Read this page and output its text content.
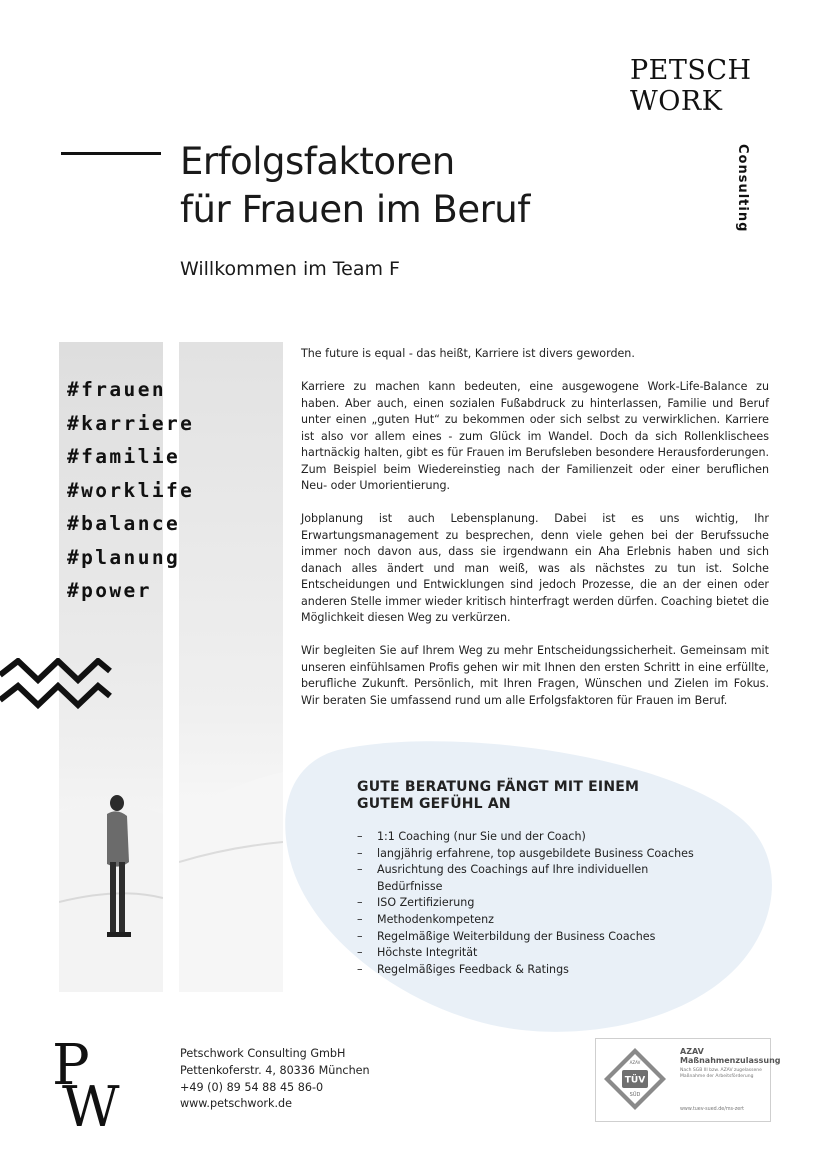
PETSCH
WORK
Consulting
Erfolgsfaktoren
für Frauen im Beruf
Willkommen im Team F
#frauen
#karriere
#familie
#worklife
#balance
#planung
#power

The future is equal - das heißt, Karriere ist divers geworden.

Karriere zu machen kann bedeuten, eine ausgewogene Work-Life-Balance zu haben. Aber auch, einen sozialen Fußabdruck zu hinterlassen, Familie und Beruf unter einen „guten Hut“ zu bekommen oder sich selbst zu verwirklichen. Karriere ist also vor allem eines - zum Glück im Wandel. Doch da sich Rollenklischees hartnäckig halten, gibt es für Frauen im Berufsleben besondere Herausforderungen. Zum Beispiel beim Wiedereinstieg nach der Familienzeit oder einer beruflichen Neu- oder Umorientierung.

Jobplanung ist auch Lebensplanung. Dabei ist es uns wichtig, Ihr Erwartungsmanagement zu besprechen, denn viele gehen bei der Berufssuche immer noch davon aus, dass sie irgendwann ein Aha Erlebnis haben und sich danach alles ändert und man weiß, was als nächstes zu tun ist. Solche Entscheidungen und Entwicklungen sind jedoch Prozesse, die an der einen oder anderen Stelle immer wieder kritisch hinterfragt werden dürfen. Coaching bietet die Möglichkeit diesen Weg zu verkürzen.

Wir begleiten Sie auf Ihrem Weg zu mehr Entscheidungssicherheit. Gemeinsam mit unseren einfühlsamen Profis gehen wir mit Ihnen den ersten Schritt in eine erfüllte, berufliche Zukunft. Persönlich, mit Ihren Fragen, Wünschen und Zielen im Fokus. Wir beraten Sie umfassend rund um alle Erfolgsfaktoren für Frauen im Beruf.

GUTE BERATUNG FÄNGT MIT EINEM
GUTEM GEFÜHL AN
– 1:1 Coaching (nur Sie und der Coach)
– langjährig erfahrene, top ausgebildete Business Coaches
– Ausrichtung des Coachings auf Ihre individuellen Bedürfnisse
– ISO Zertifizierung
– Methodenkompetenz
– Regelmäßige Weiterbildung der Business Coaches
– Höchste Integrität
– Regelmäßiges Feedback & Ratings
P
W
Petschwork Consulting GmbH
Pettenkoferstr. 4, 80336 München
+49 (0) 89 54 88 45 86-0
www.petschwork.de
TÜV
SÜD
AZAV
AZAV
Maßnahmenzulassung
Nach SGB III bzw. AZAV zugelassene Maßnahme der Arbeitsförderung
www.tuev-sued.de/ms-zert
